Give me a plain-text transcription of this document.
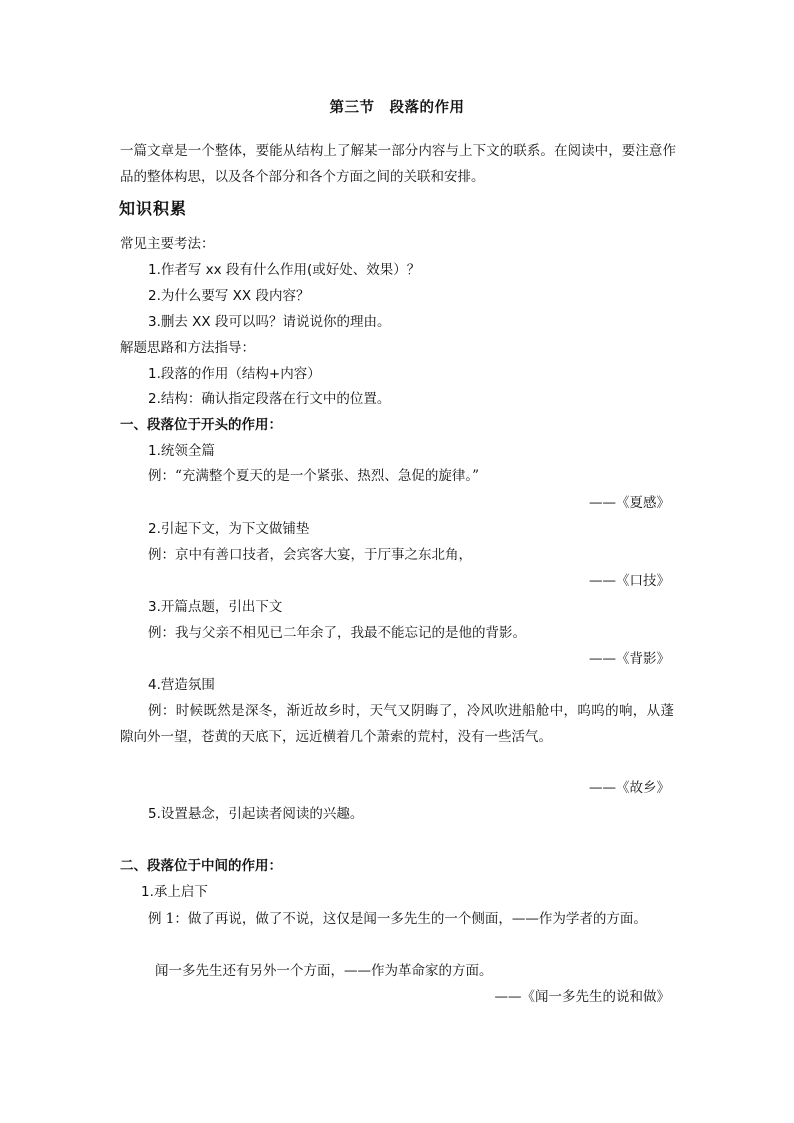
第三节　段落的作用
一篇文章是一个整体，要能从结构上了解某一部分内容与上下文的联系。在阅读中，要注意作品的整体构思，以及各个部分和各个方面之间的关联和安排。
知识积累
常见主要考法：
1.作者写 xx 段有什么作用(或好处、效果）？
2.为什么要写 XX 段内容？
3.删去 XX 段可以吗？请说说你的理由。
解题思路和方法指导：
1.段落的作用（结构+内容）
2.结构：确认指定段落在行文中的位置。
一、段落位于开头的作用：
1.统领全篇
例：“充满整个夏天的是一个紧张、热烈、急促的旋律。”
——《夏感》
2.引起下文，为下文做铺垫
例：京中有善口技者，会宾客大宴，于厅事之东北角，
——《口技》
3.开篇点题，引出下文
例：我与父亲不相见已二年余了，我最不能忘记的是他的背影。
——《背影》
4.营造氛围
例：时候既然是深冬，渐近故乡时，天气又阴晦了，冷风吹进船舱中，呜呜的响，从蓬隙向外一望，苍黄的天底下，远近横着几个萧索的荒村，没有一些活气。
——《故乡》
5.设置悬念，引起读者阅读的兴趣。
二、段落位于中间的作用：
1.承上启下
例 1：做了再说，做了不说，这仅是闻一多先生的一个侧面，——作为学者的方面。
闻一多先生还有另外一个方面，——作为革命家的方面。
——《闻一多先生的说和做》
